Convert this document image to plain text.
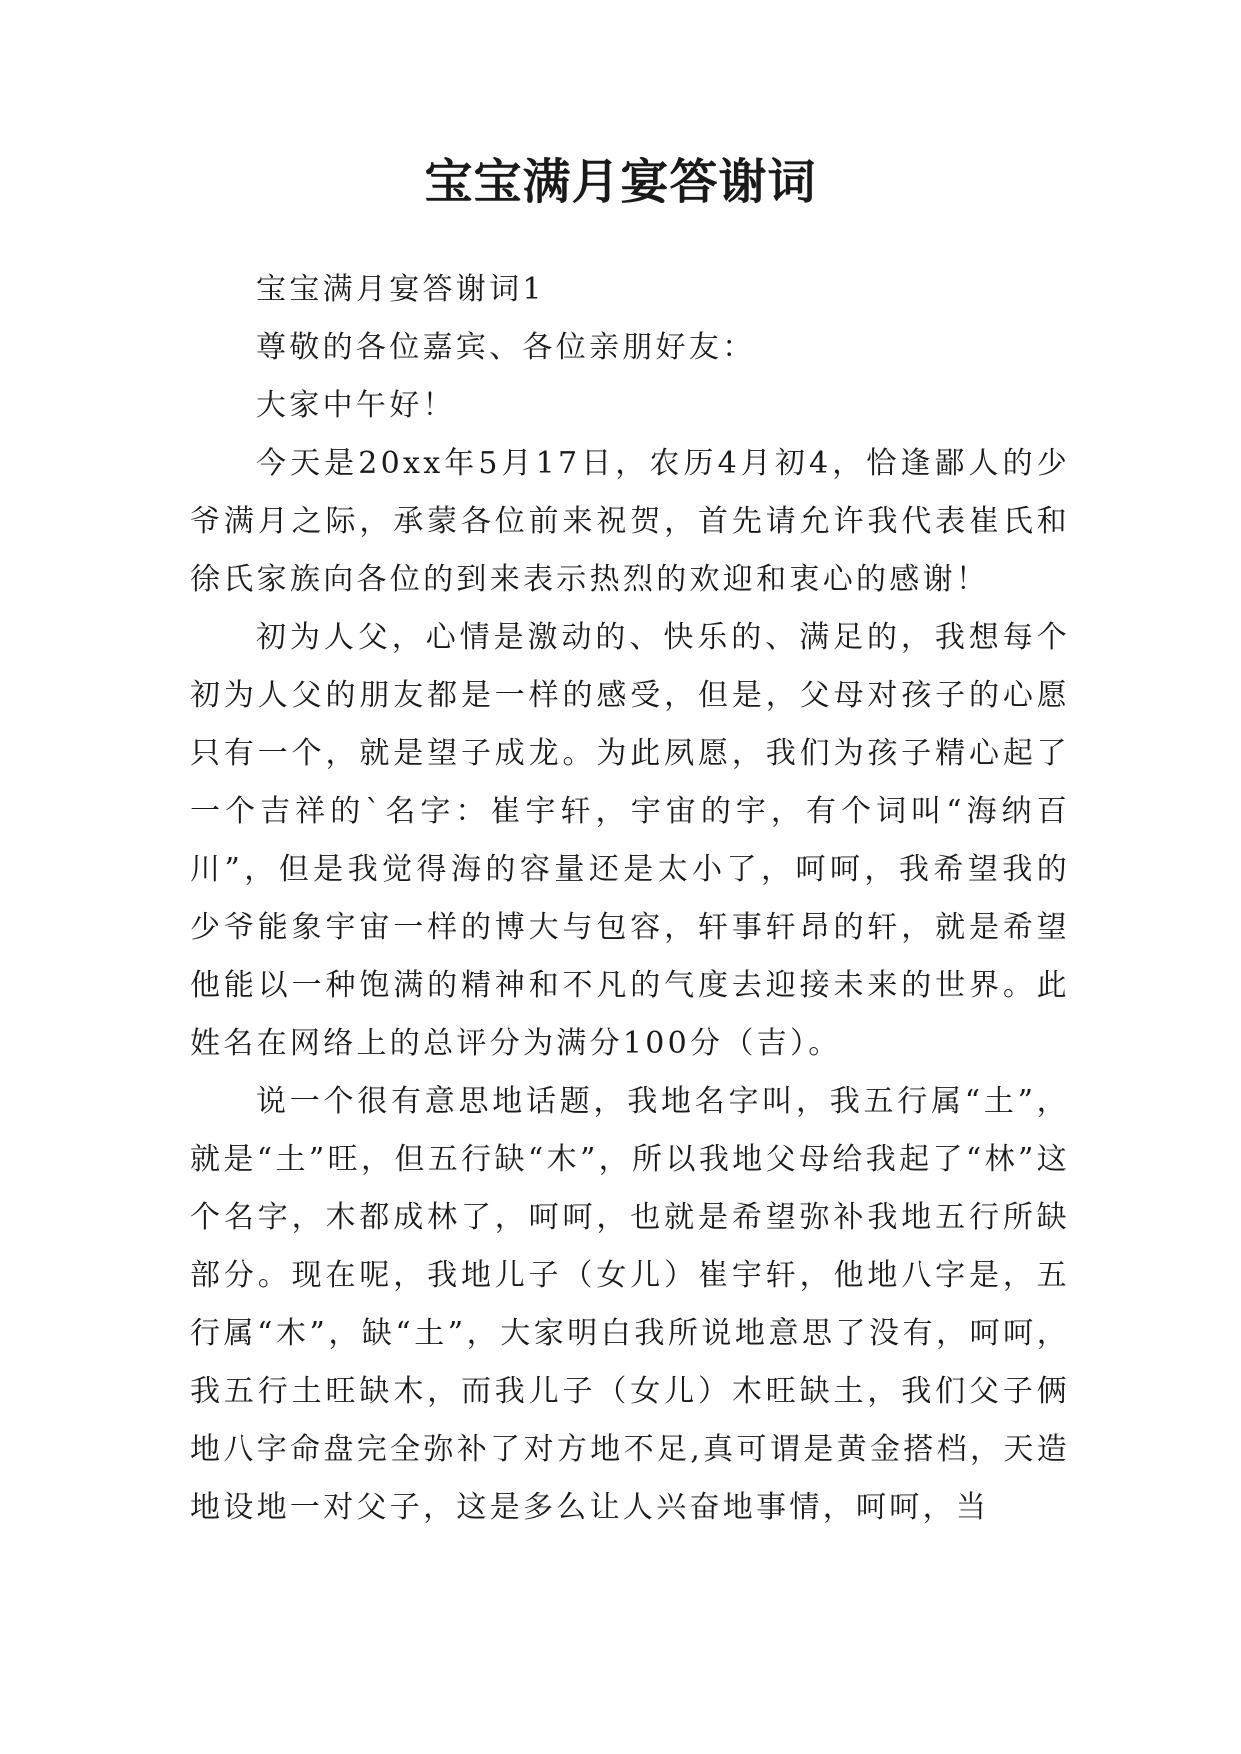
宝宝满月宴答谢词

宝宝满月宴答谢词1

尊敬的各位嘉宾、各位亲朋好友：

大家中午好！

今天是20xx年5月17日，农历4月初4，恰逢鄙人的少爷满月之际，承蒙各位前来祝贺，首先请允许我代表崔氏和徐氏家族向各位的到来表示热烈的欢迎和衷心的感谢！

初为人父，心情是激动的、快乐的、满足的，我想每个初为人父的朋友都是一样的感受，但是，父母对孩子的心愿只有一个，就是望子成龙。为此夙愿，我们为孩子精心起了一个吉祥的`名字：崔宇轩，宇宙的宇，有个词叫“海纳百川”，但是我觉得海的容量还是太小了，呵呵，我希望我的少爷能象宇宙一样的博大与包容，轩事轩昂的轩，就是希望他能以一种饱满的精神和不凡的气度去迎接未来的世界。此姓名在网络上的总评分为满分100分（吉）。

说一个很有意思地话题，我地名字叫，我五行属“土”，就是“土”旺，但五行缺“木”，所以我地父母给我起了“林”这个名字，木都成林了，呵呵，也就是希望弥补我地五行所缺部分。现在呢，我地儿子（女儿）崔宇轩，他地八字是，五行属“木”，缺“土”，大家明白我所说地意思了没有，呵呵，我五行土旺缺木，而我儿子（女儿）木旺缺土，我们父子俩地八字命盘完全弥补了对方地不足,真可谓是黄金搭档，天造地设地一对父子，这是多么让人兴奋地事情，呵呵，当
